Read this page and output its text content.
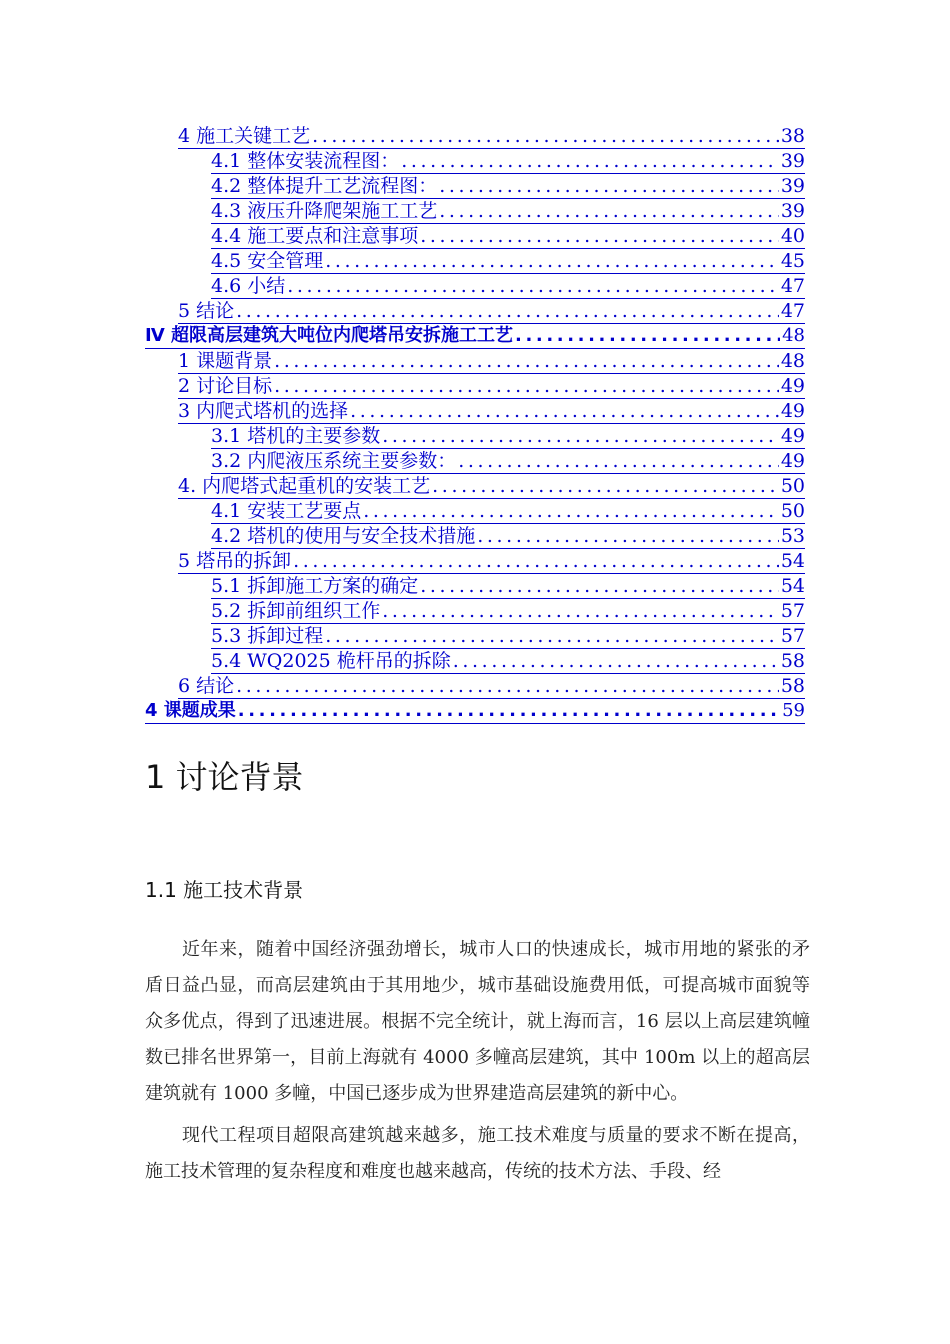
4 施工关键工艺 .....	38
4.1 整体安装流程图： .....	39
4.2 整体提升工艺流程图： .....	39
4.3 液压升降爬架施工工艺 .....	39
4.4 施工要点和注意事项 .....	40
4.5 安全管理 .....	45
4.6 小结 .....	47
5 结论 .....	47
Ⅳ 超限高层建筑大吨位内爬塔吊安拆施工工艺 .....	48
1 课题背景 .....	48
2 讨论目标 .....	49
3 内爬式塔机的选择 .....	49
3.1 塔机的主要参数 .....	49
3.2 内爬液压系统主要参数： .....	49
4. 内爬塔式起重机的安装工艺 .....	50
4.1 安装工艺要点 .....	50
4.2 塔机的使用与安全技术措施 .....	53
5 塔吊的拆卸 .....	54
5.1 拆卸施工方案的确定 .....	54
5.2 拆卸前组织工作 .....	57
5.3 拆卸过程 .....	57
5.4 WQ2025 桅杆吊的拆除 .....	58
6 结论 .....	58
4 课题成果 .....	59
1 讨论背景
1.1 施工技术背景

近年来，随着中国经济强劲增长，城市人口的快速成长，城市用地的紧张的矛盾日益凸显，而高层建筑由于其用地少，城市基础设施费用低，可提高城市面貌等众多优点，得到了迅速进展。根据不完全统计，就上海而言，16 层以上高层建筑幢数已排名世界第一，目前上海就有 4000 多幢高层建筑，其中 100m 以上的超高层建筑就有 1000 多幢，中国已逐步成为世界建造高层建筑的新中心。

现代工程项目超限高建筑越来越多，施工技术难度与质量的要求不断在提高，施工技术管理的复杂程度和难度也越来越高，传统的技术方法、手段、经
